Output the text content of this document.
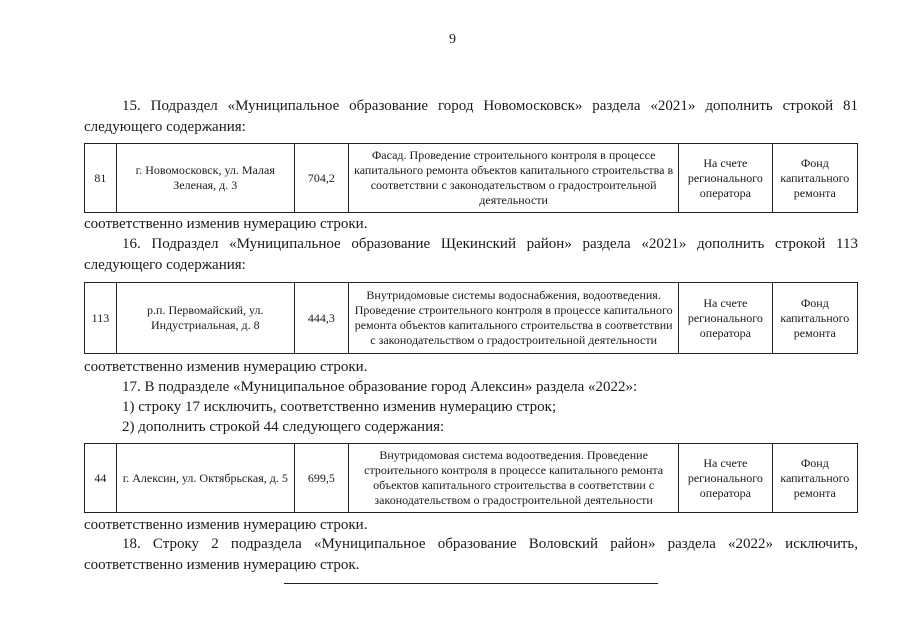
9
15. Подраздел «Муниципальное образование город Новомосковск» раздела «2021» дополнить строкой 81 следующего содержания:
81	г. Новомосковск, ул. Малая Зеленая, д. 3	704,2	Фасад. Проведение строительного контроля в процессе капитального ремонта объектов капитального строительства в соответствии с законодательством о градостроительной деятельности	На счете регионального оператора	Фонд капитального ремонта
соответственно изменив нумерацию строки.
16. Подраздел «Муниципальное образование Щекинский район» раздела «2021» дополнить строкой 113 следующего содержания:
113	р.п. Первомайский, ул. Индустриальная, д. 8	444,3	Внутридомовые системы водоснабжения, водоотведения. Проведение строительного контроля в процессе капитального ремонта объектов капитального строительства в соответствии с законодательством о градостроительной деятельности	На счете регионального оператора	Фонд капитального ремонта
соответственно изменив нумерацию строки.
17. В подразделе «Муниципальное образование город Алексин» раздела «2022»:
1) строку 17 исключить, соответственно изменив нумерацию строк;
2) дополнить строкой 44 следующего содержания:
44	г. Алексин, ул. Октябрьская, д. 5	699,5	Внутридомовая система водоотведения. Проведение строительного контроля в процессе капитального ремонта объектов капитального строительства в соответствии с законодательством о градостроительной деятельности	На счете регионального оператора	Фонд капитального ремонта
соответственно изменив нумерацию строки.
18. Строку 2 подраздела «Муниципальное образование Воловский район» раздела «2022» исключить, соответственно изменив нумерацию строк.
